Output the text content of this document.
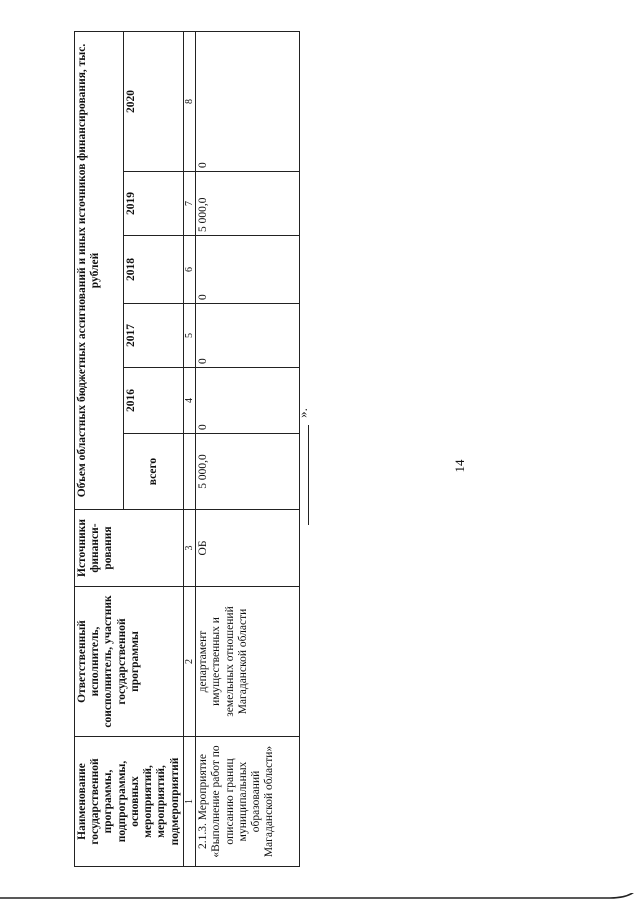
14
Наименование государственной программы, подпрограммы, основных мероприятий, мероприятий, подмероприятий	Ответственный исполнитель, соисполнитель, участник государственной программы	Источники финанси-рования	Объем областных бюджетных ассигнований и иных источников финансирования, тыс. рублей					
			всего	2016	2017	2018	2019	2020
1	2	3		4	5	6	7	8
2.1.3. Мероприятие «Выполнение работ по описанию границ муниципальных образований Магаданской области»	департамент имущественных и земельных отношений Магаданской области	ОБ	5 000,0	0	0	0	5 000,0	0
».
